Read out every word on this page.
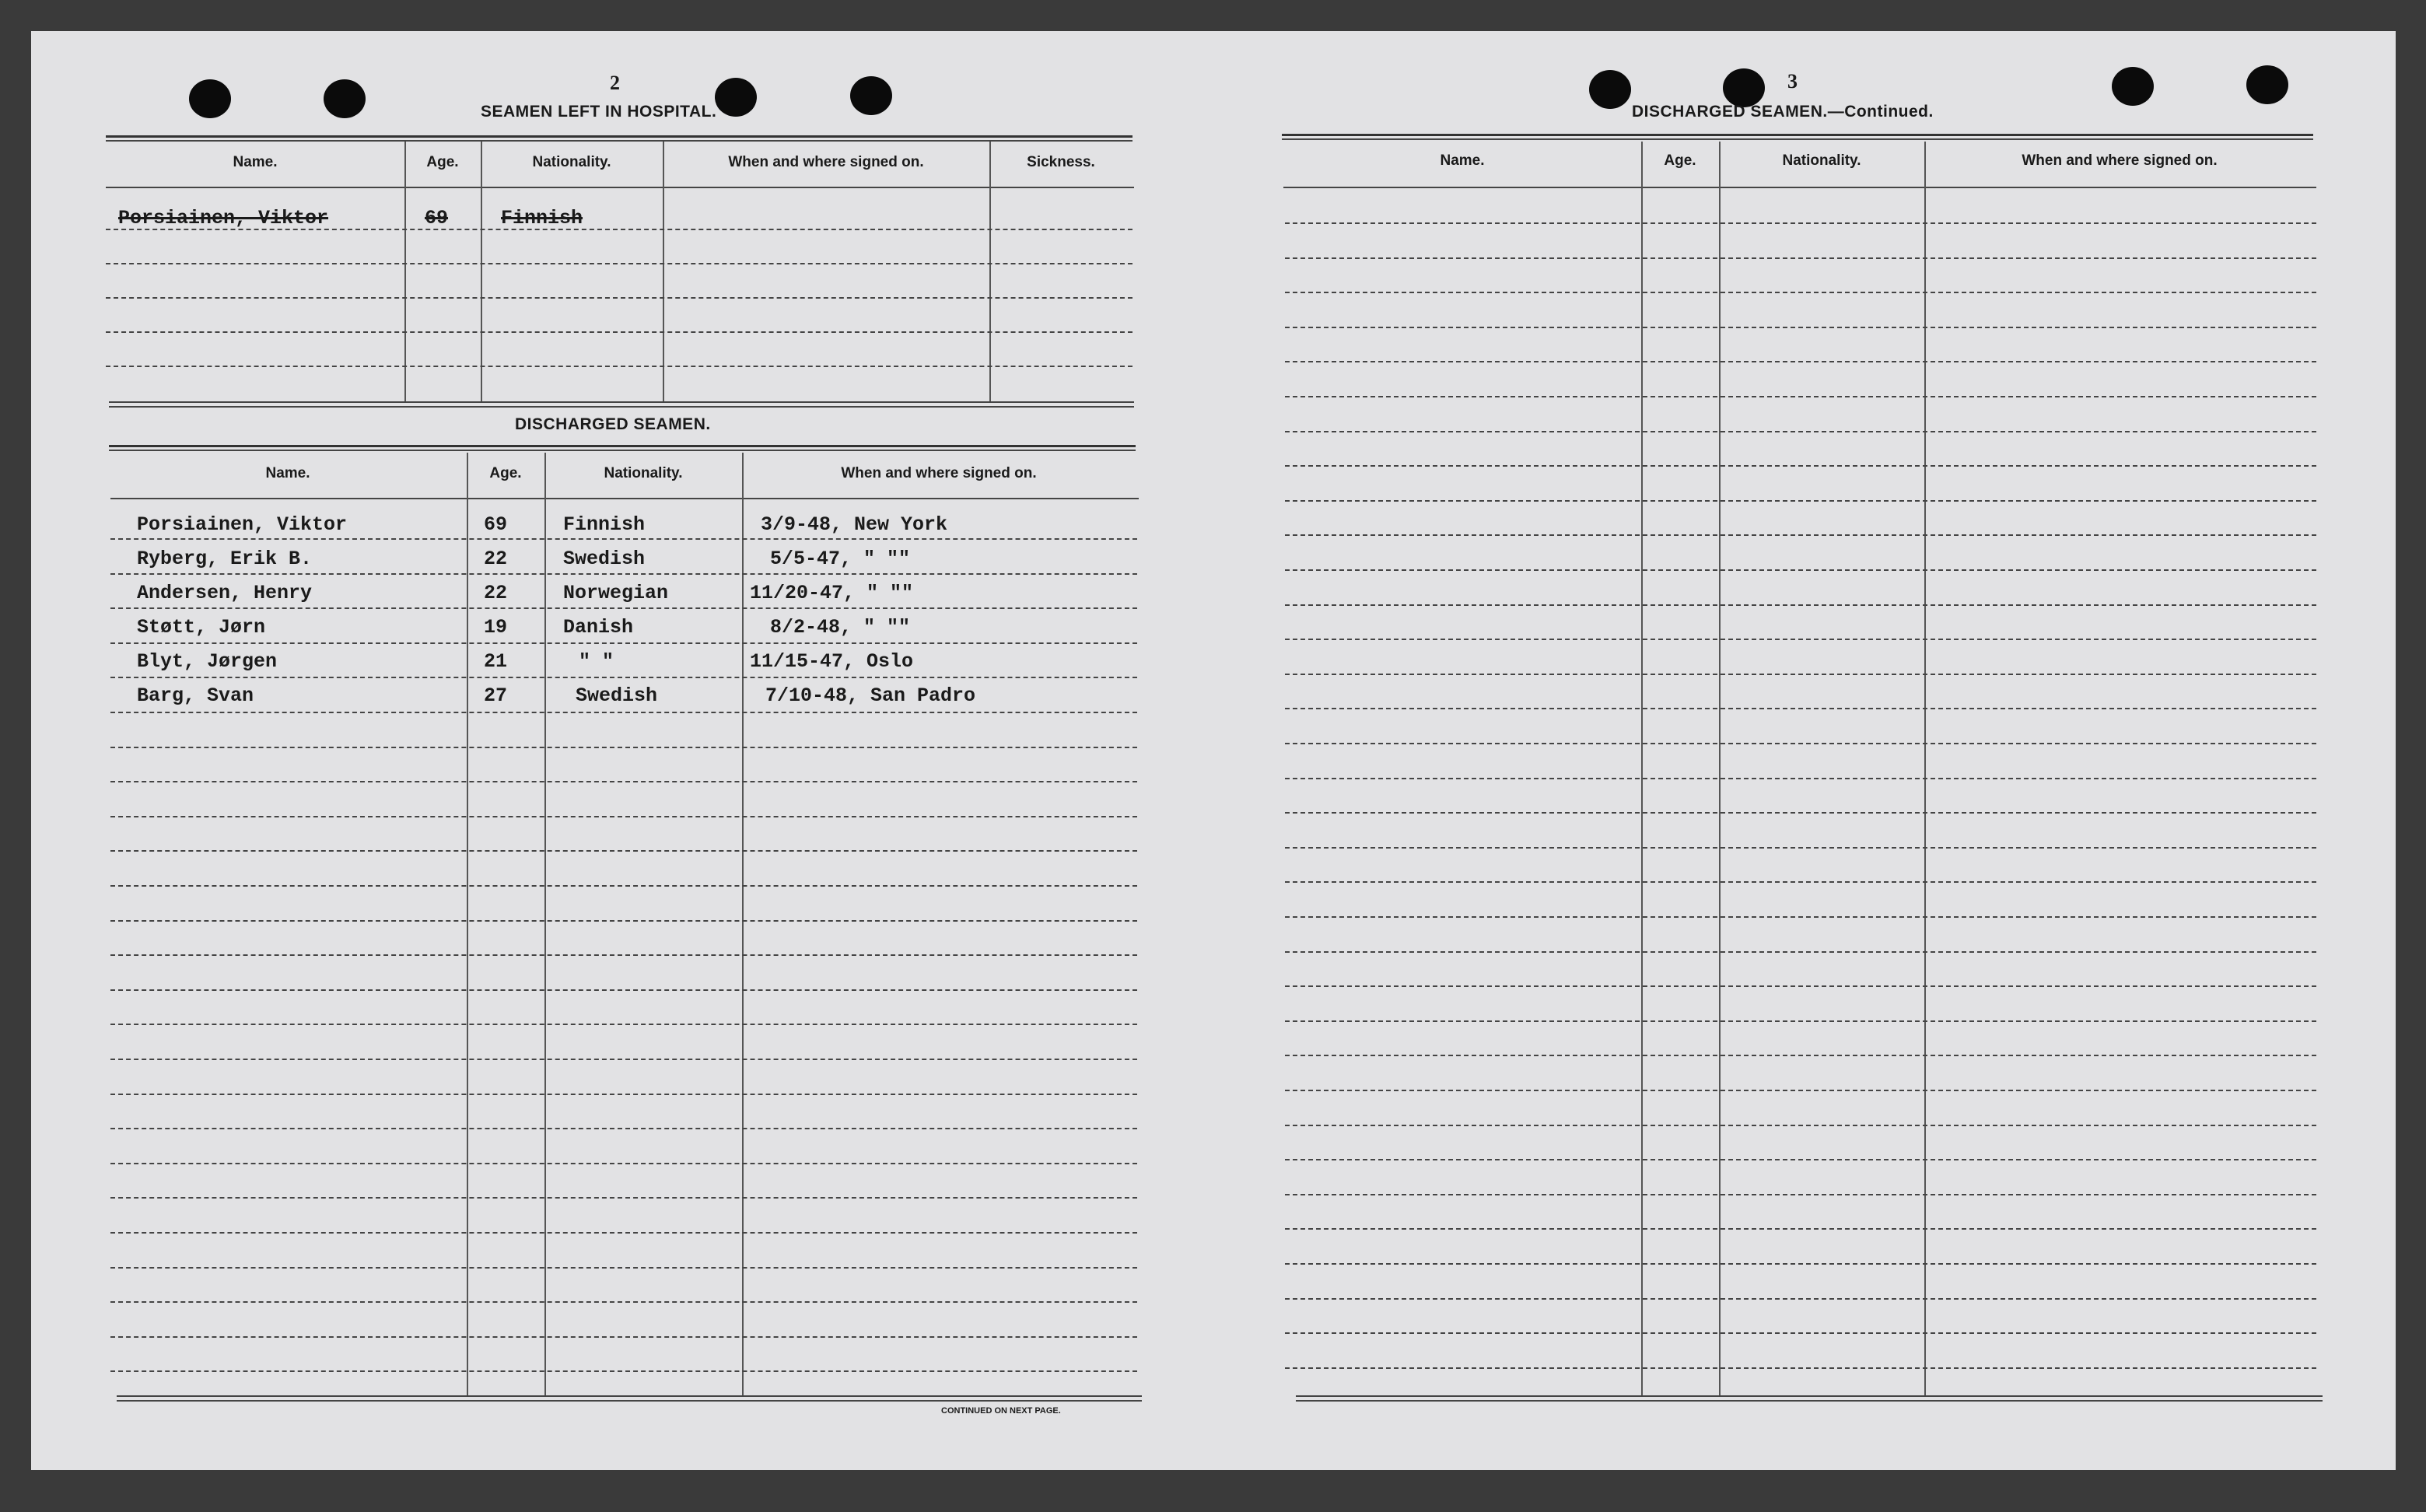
2
SEAMEN LEFT IN HOSPITAL.
Name.	Age.	Nationality.	When and where signed on.	Sickness.
Porsiainen, Viktor	69	Finnish
DISCHARGED SEAMEN.
Name.	Age.	Nationality.	When and where signed on.
Porsiainen, Viktor	69	Finnish	3/9-48, New York
Ryberg, Erik B.	22	Swedish	5/5-47, " ""
Andersen, Henry	22	Norwegian	11/20-47, " ""
Støtt, Jørn	19	Danish	8/2-48, " ""
Blyt, Jørgen	21	" "	11/15-47, Oslo
Barg, Svan	27	Swedish	7/10-48, San Padro
CONTINUED ON NEXT PAGE.
3
DISCHARGED SEAMEN.—Continued.
Name.	Age.	Nationality.	When and where signed on.
